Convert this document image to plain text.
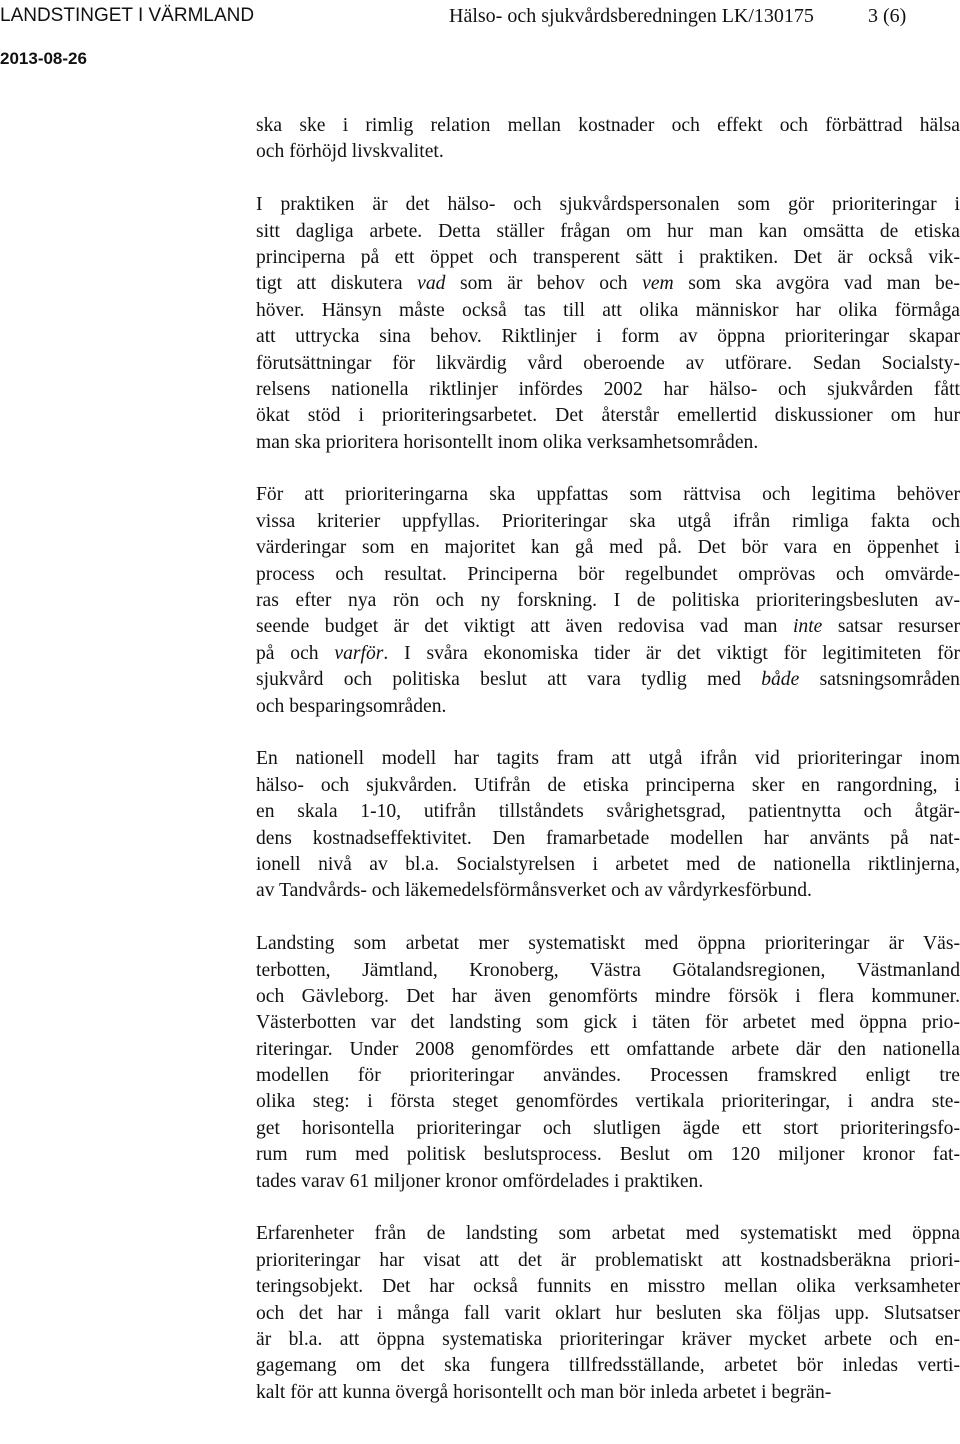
LANDSTINGET I VÄRMLAND	Hälso- och sjukvårdsberedningen LK/130175	3 (6)
2013-08-26
ska ske i rimlig relation mellan kostnader och effekt och förbättrad hälsa
och förhöjd livskvalitet.
I praktiken är det hälso- och sjukvårdspersonalen som gör prioriteringar i
sitt dagliga arbete. Detta ställer frågan om hur man kan omsätta de etiska
principerna på ett öppet och transperent sätt i praktiken. Det är också vik-
tigt att diskutera vad som är behov och vem som ska avgöra vad man be-
höver. Hänsyn måste också tas till att olika människor har olika förmåga
att uttrycka sina behov. Riktlinjer i form av öppna prioriteringar skapar
förutsättningar för likvärdig vård oberoende av utförare. Sedan Socialsty-
relsens nationella riktlinjer infördes 2002 har hälso- och sjukvården fått
ökat stöd i prioriteringsarbetet. Det återstår emellertid diskussioner om hur
man ska prioritera horisontellt inom olika verksamhetsområden.
För att prioriteringarna ska uppfattas som rättvisa och legitima behöver
vissa kriterier uppfyllas. Prioriteringar ska utgå ifrån rimliga fakta och
värderingar som en majoritet kan gå med på. Det bör vara en öppenhet i
process och resultat. Principerna bör regelbundet omprövas och omvärde-
ras efter nya rön och ny forskning. I de politiska prioriteringsbesluten av-
seende budget är det viktigt att även redovisa vad man inte satsar resurser
på och varför. I svåra ekonomiska tider är det viktigt för legitimiteten för
sjukvård och politiska beslut att vara tydlig med både satsningsområden
och besparingsområden.
En nationell modell har tagits fram att utgå ifrån vid prioriteringar inom
hälso- och sjukvården. Utifrån de etiska principerna sker en rangordning, i
en skala 1-10, utifrån tillståndets svårighetsgrad, patientnytta och åtgär-
dens kostnadseffektivitet. Den framarbetade modellen har använts på nat-
ionell nivå av bl.a. Socialstyrelsen i arbetet med de nationella riktlinjerna,
av Tandvårds- och läkemedelsförmånsverket och av vårdyrkesförbund.
Landsting som arbetat mer systematiskt med öppna prioriteringar är Väs-
terbotten, Jämtland, Kronoberg, Västra Götalandsregionen, Västmanland
och Gävleborg. Det har även genomförts mindre försök i flera kommuner.
Västerbotten var det landsting som gick i täten för arbetet med öppna prio-
riteringar. Under 2008 genomfördes ett omfattande arbete där den nationella
modellen för prioriteringar användes. Processen framskred enligt tre
olika steg: i första steget genomfördes vertikala prioriteringar, i andra ste-
get horisontella prioriteringar och slutligen ägde ett stort prioriteringsfo-
rum rum med politisk beslutsprocess. Beslut om 120 miljoner kronor fat-
tades varav 61 miljoner kronor omfördelades i praktiken.
Erfarenheter från de landsting som arbetat med systematiskt med öppna
prioriteringar har visat att det är problematiskt att kostnadsberäkna priori-
teringsobjekt. Det har också funnits en misstro mellan olika verksamheter
och det har i många fall varit oklart hur besluten ska följas upp. Slutsatser
är bl.a. att öppna systematiska prioriteringar kräver mycket arbete och en-
gagemang om det ska fungera tillfredsställande, arbetet bör inledas verti-
kalt för att kunna övergå horisontellt och man bör inleda arbetet i begrän-
